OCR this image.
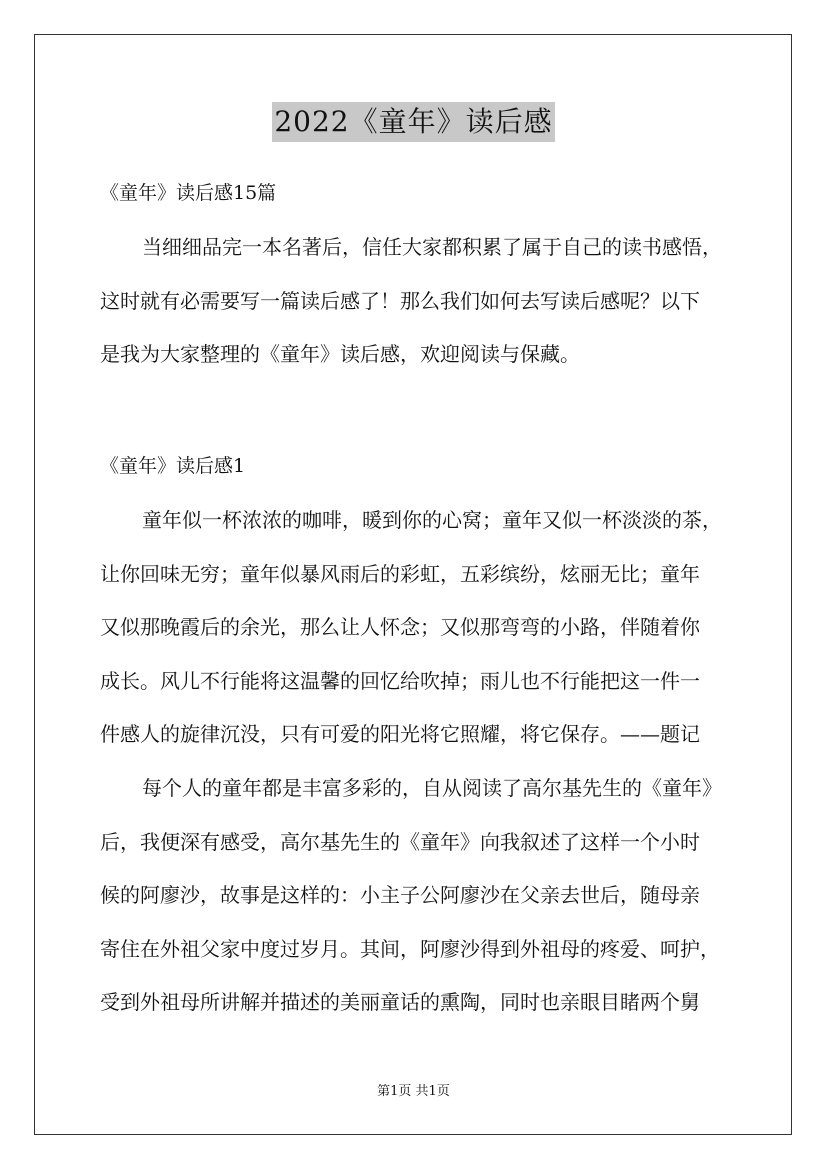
2022《童年》读后感
《童年》读后感15篇
当细细品完一本名著后，信任大家都积累了属于自己的读书感悟，
这时就有必需要写一篇读后感了！那么我们如何去写读后感呢？以下
是我为大家整理的《童年》读后感，欢迎阅读与保藏。
《童年》读后感1
童年似一杯浓浓的咖啡，暖到你的心窝；童年又似一杯淡淡的茶，
让你回味无穷；童年似暴风雨后的彩虹，五彩缤纷，炫丽无比；童年
又似那晚霞后的余光，那么让人怀念；又似那弯弯的小路，伴随着你
成长。风儿不行能将这温馨的回忆给吹掉；雨儿也不行能把这一件一
件感人的旋律沉没，只有可爱的阳光将它照耀，将它保存。——题记
每个人的童年都是丰富多彩的，自从阅读了高尔基先生的《童年》
后，我便深有感受，高尔基先生的《童年》向我叙述了这样一个小时
候的阿廖沙，故事是这样的：小主子公阿廖沙在父亲去世后，随母亲
寄住在外祖父家中度过岁月。其间，阿廖沙得到外祖母的疼爱、呵护，
受到外祖母所讲解并描述的美丽童话的熏陶，同时也亲眼目睹两个舅
第1页 共1页
